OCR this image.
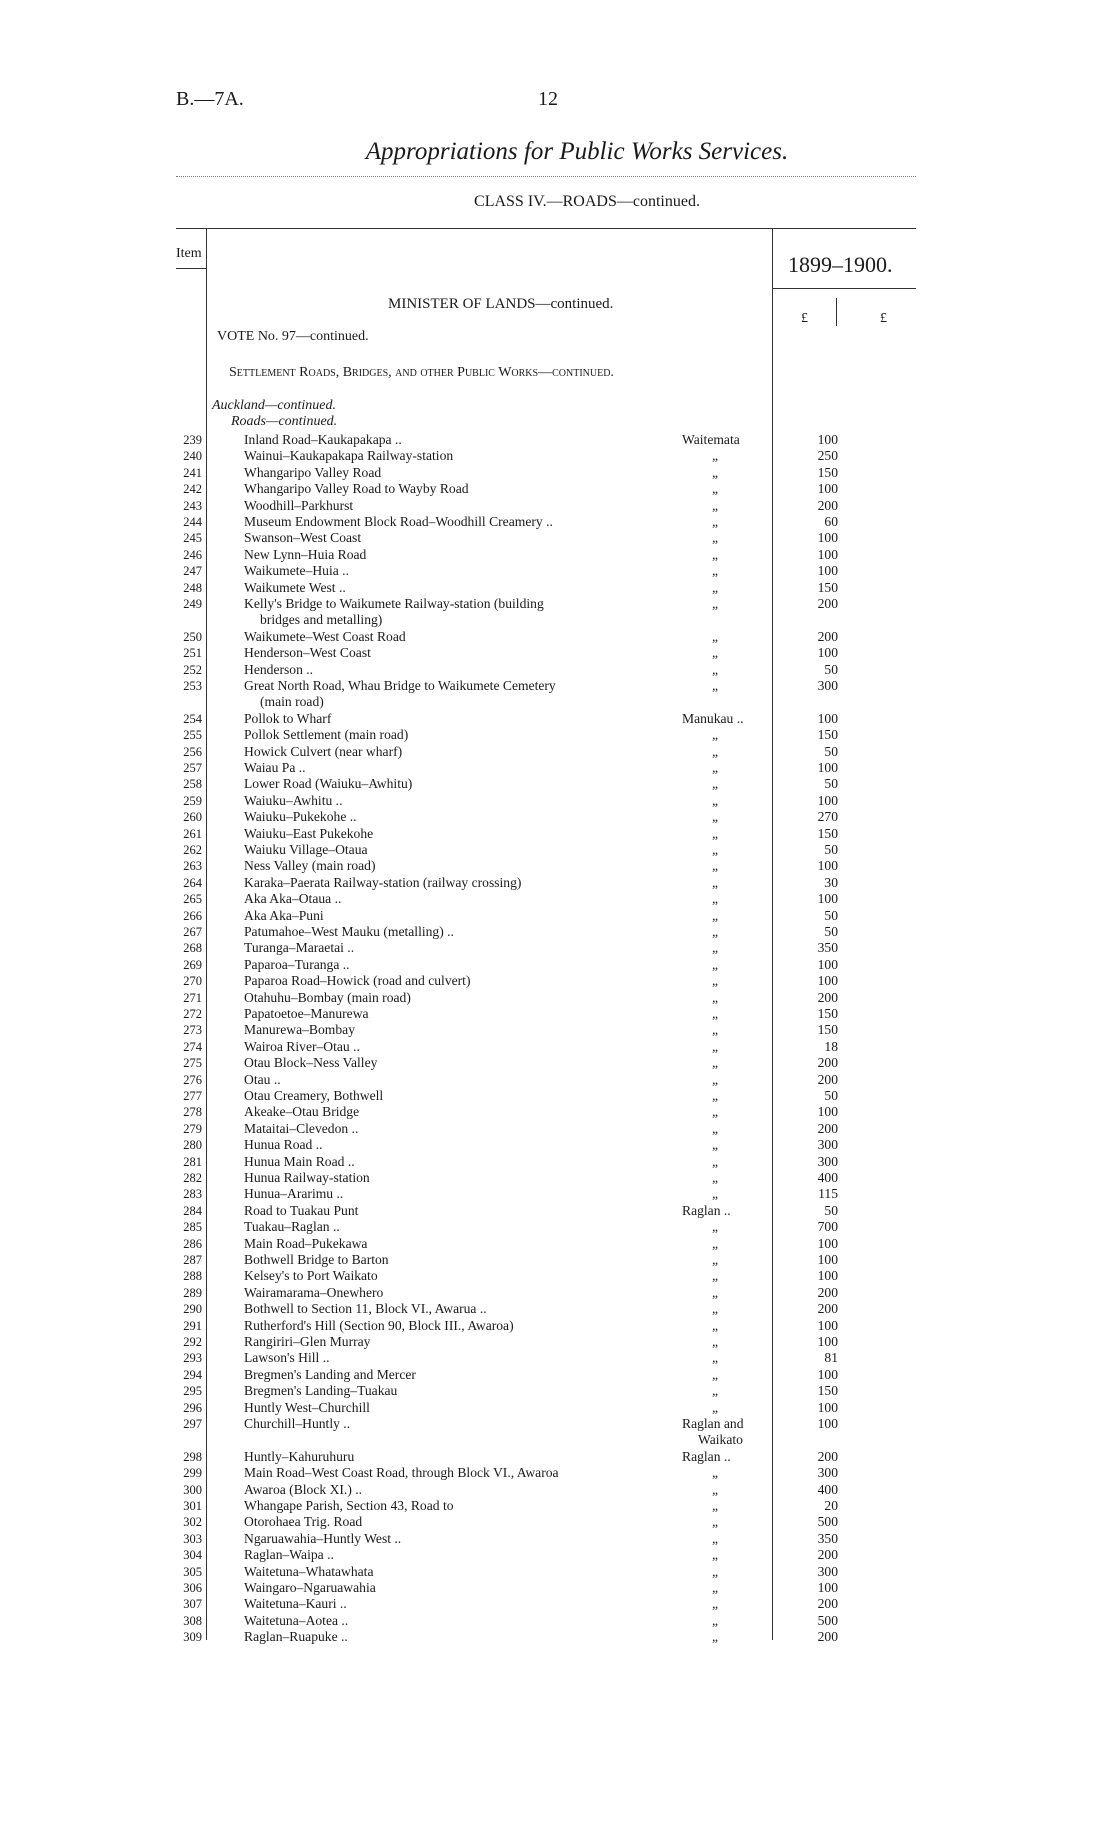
B.—7A.	12
Appropriations for Public Works Services.
CLASS IV.—ROADS—continued.
Item	1899–1900.
£	£
MINISTER OF LANDS—continued.
VOTE No. 97—continued.
Settlement Roads, Bridges, and other Public Works—continued.
Auckland—continued.
Roads—continued.
239	Inland Road–Kaukapakapa ..	Waitemata	100
240	Wainui–Kaukapakapa Railway-station	„	250
241	Whangaripo Valley Road	„	150
242	Whangaripo Valley Road to Wayby Road	„	100
243	Woodhill–Parkhurst	„	200
244	Museum Endowment Block Road–Woodhill Creamery ..	„	60
245	Swanson–West Coast	„	100
246	New Lynn–Huia Road	„	100
247	Waikumete–Huia ..	„	100
248	Waikumete West ..	„	150
249	Kelly's Bridge to Waikumete Railway-station (building	„	200
bridges and metalling)
250	Waikumete–West Coast Road	„	200
251	Henderson–West Coast	„	100
252	Henderson ..	„	50
253	Great North Road, Whau Bridge to Waikumete Cemetery	„	300
(main road)
254	Pollok to Wharf	Manukau ..	100
255	Pollok Settlement (main road)	„	150
256	Howick Culvert (near wharf)	„	50
257	Waiau Pa ..	„	100
258	Lower Road (Waiuku–Awhitu)	„	50
259	Waiuku–Awhitu ..	„	100
260	Waiuku–Pukekohe ..	„	270
261	Waiuku–East Pukekohe	„	150
262	Waiuku Village–Otaua	„	50
263	Ness Valley (main road)	„	100
264	Karaka–Paerata Railway-station (railway crossing)	„	30
265	Aka Aka–Otaua ..	„	100
266	Aka Aka–Puni	„	50
267	Patumahoe–West Mauku (metalling) ..	„	50
268	Turanga–Maraetai ..	„	350
269	Paparoa–Turanga ..	„	100
270	Paparoa Road–Howick (road and culvert)	„	100
271	Otahuhu–Bombay (main road)	„	200
272	Papatoetoe–Manurewa	„	150
273	Manurewa–Bombay	„	150
274	Wairoa River–Otau ..	„	18
275	Otau Block–Ness Valley	„	200
276	Otau ..	„	200
277	Otau Creamery, Bothwell	„	50
278	Akeake–Otau Bridge	„	100
279	Mataitai–Clevedon ..	„	200
280	Hunua Road ..	„	300
281	Hunua Main Road ..	„	300
282	Hunua Railway-station	„	400
283	Hunua–Ararimu ..	„	115
284	Road to Tuakau Punt	Raglan ..	50
285	Tuakau–Raglan ..	„	700
286	Main Road–Pukekawa	„	100
287	Bothwell Bridge to Barton	„	100
288	Kelsey's to Port Waikato	„	100
289	Wairamarama–Onewhero	„	200
290	Bothwell to Section 11, Block VI., Awarua ..	„	200
291	Rutherford's Hill (Section 90, Block III., Awaroa)	„	100
292	Rangiriri–Glen Murray	„	100
293	Lawson's Hill ..	„	81
294	Bregmen's Landing and Mercer	„	100
295	Bregmen's Landing–Tuakau	„	150
296	Huntly West–Churchill	„	100
297	Churchill–Huntly ..	Raglan and	100
Waikato
298	Huntly–Kahuruhuru	Raglan ..	200
299	Main Road–West Coast Road, through Block VI., Awaroa	„	300
300	Awaroa (Block XI.) ..	„	400
301	Whangape Parish, Section 43, Road to	„	20
302	Otorohaea Trig. Road	„	500
303	Ngaruawahia–Huntly West ..	„	350
304	Raglan–Waipa ..	„	200
305	Waitetuna–Whatawhata	„	300
306	Waingaro–Ngaruawahia	„	100
307	Waitetuna–Kauri ..	„	200
308	Waitetuna–Aotea ..	„	500
309	Raglan–Ruapuke ..	„	200
